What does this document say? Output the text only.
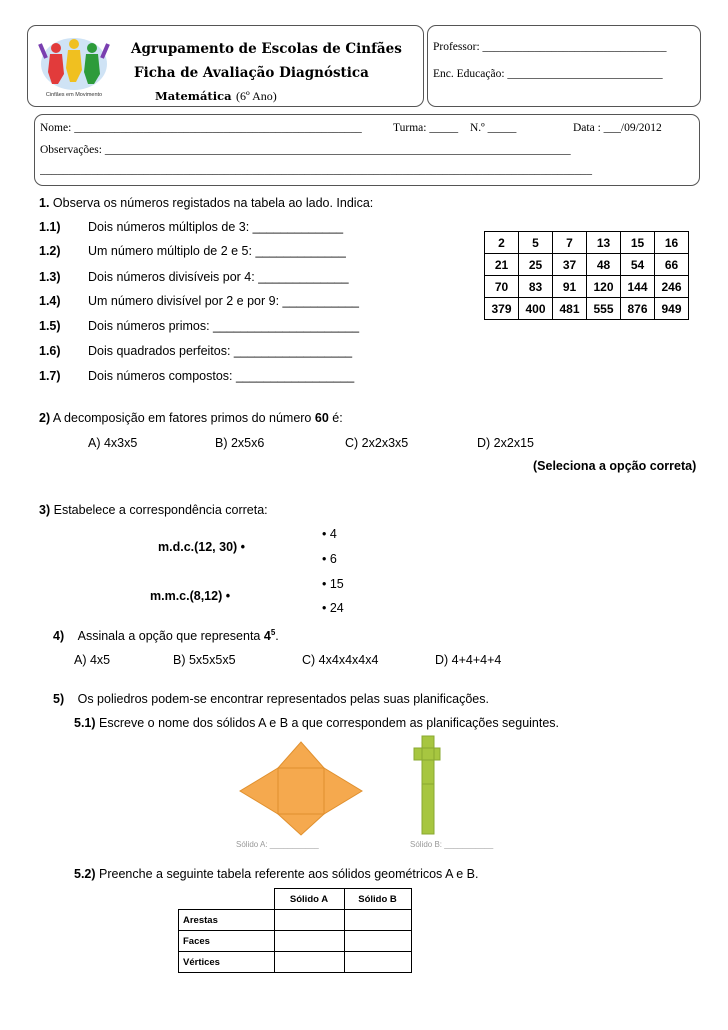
Cinfães em Movimento
Agrupamento de Escolas de Cinfães
Ficha de Avaliação Diagnóstica
Matemática (6º Ano)
Professor: ________________________________
Enc. Educação: ___________________________
Nome: __________________________________________________	Turma: _____ N.º _____	Data : ___/09/2012
Observações: _________________________________________________________________________________
________________________________________________________________________________________________
1. Observa os números registados na tabela ao lado. Indica:
1.1) Dois números múltiplos de 3: _____________
1.2) Um número múltiplo de 2 e 5: _____________
1.3) Dois números divisíveis por 4: _____________
1.4) Um número divisível por 2 e por 9: ___________
1.5) Dois números primos: _____________________
1.6) Dois quadrados perfeitos: _________________
1.7) Dois números compostos: _________________
2	5	7	13	15	16
21	25	37	48	54	66
70	83	91	120	144	246
379	400	481	555	876	949
2) A decomposição em fatores primos do número 60 é:
A) 4x3x5	B) 2x5x6	C) 2x2x3x5	D) 2x2x15
(Seleciona a opção correta)
3) Estabelece a correspondência correta:
m.d.c.(12, 30) •
m.m.c.(8,12) •
• 4
• 6
• 15
• 24
4) Assinala a opção que representa $4^5$.
A) 4x5	B) 5x5x5x5	C) 4x4x4x4x4	D) 4+4+4+4
5) Os poliedros podem-se encontrar representados pelas suas planificações.
5.1) Escreve o nome dos sólidos A e B a que correspondem as planificações seguintes.
Sólido A: ___________	Sólido B: ___________
5.2) Preenche a seguinte tabela referente aos sólidos geométricos A e B.
	Sólido A	Sólido B
Arestas		
Faces		
Vértices		
